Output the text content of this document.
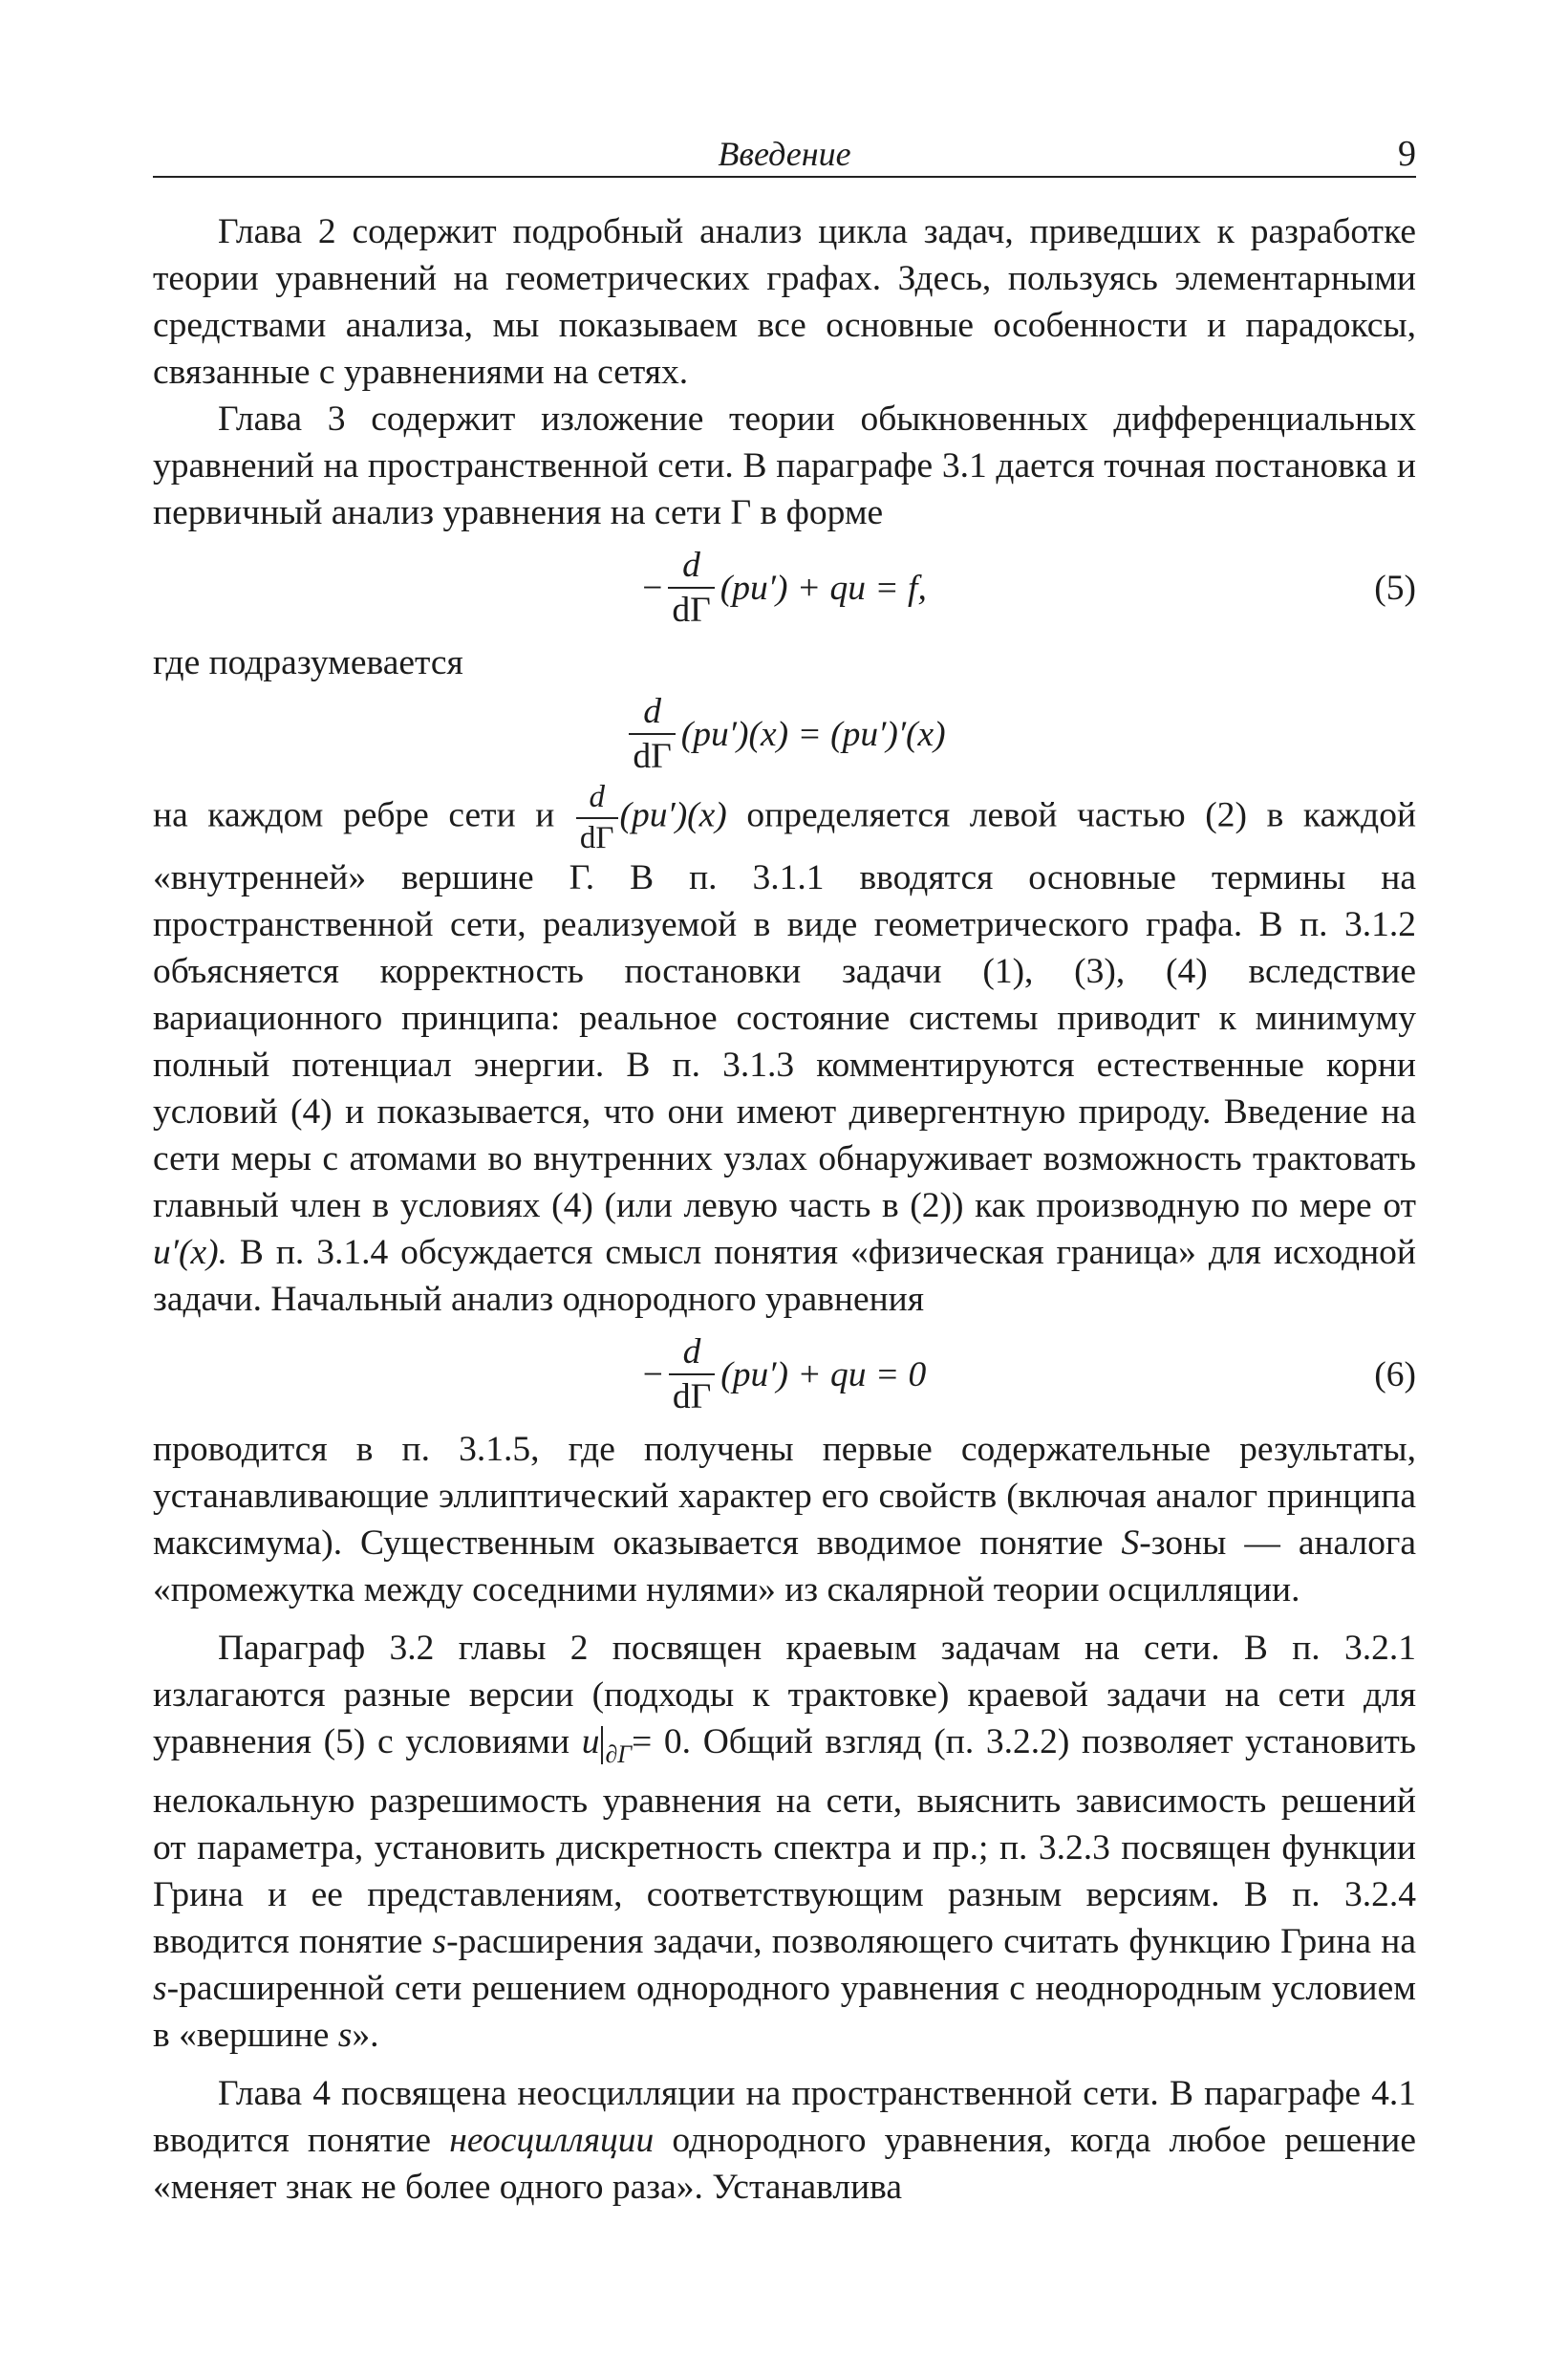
Введение	9

Глава 2 содержит подробный анализ цикла задач, приведших к разработке теории уравнений на геометрических графах. Здесь, пользуясь элементарными средствами анализа, мы показываем все основные особенности и парадоксы, связанные с уравнениями на сетях.

Глава 3 содержит изложение теории обыкновенных дифференциальных уравнений на пространственной сети. В параграфе 3.1 дается точная постановка и первичный анализ уравнения на сети Γ в форме

− $\frac{d}{d\Gamma} (pu')$ + qu = f,	(5)

где подразумевается

$\frac{d}{d\Gamma} (pu')(x) = (pu')'(x)$

на каждом ребре сети и $\frac{d}{d\Gamma} (pu')(x)$ определяется левой частью (2) в каждой «внутренней» вершине Γ. В п. 3.1.1 вводятся основные термины на пространственной сети, реализуемой в виде геометрического графа. В п. 3.1.2 объясняется корректность постановки задачи (1), (3), (4) вследствие вариационного принципа: реальное состояние системы приводит к минимуму полный потенциал энергии. В п. 3.1.3 комментируются естественные корни условий (4) и показывается, что они имеют дивергентную природу. Введение на сети меры с атомами во внутренних узлах обнаруживает возможность трактовать главный член в условиях (4) (или левую часть в (2)) как производную по мере от u′(x). В п. 3.1.4 обсуждается смысл понятия «физическая граница» для исходной задачи. Начальный анализ однородного уравнения

− $\frac{d}{d\Gamma} (pu')$ + qu = 0	(6)

проводится в п. 3.1.5, где получены первые содержательные результаты, устанавливающие эллиптический характер его свойств (включая аналог принципа максимума). Существенным оказывается вводимое понятие S-зоны — аналога «промежутка между соседними нулями» из скалярной теории осцилляции.

Параграф 3.2 главы 2 посвящен краевым задачам на сети. В п. 3.2.1 излагаются разные версии (подходы к трактовке) краевой задачи на сети для уравнения (5) с условиями u $_{\partial\Gamma}$= 0. Общий взгляд (п. 3.2.2) позволяет установить нелокальную разрешимость уравнения на сети, выяснить зависимость решений от параметра, установить дискретность спектра и пр.; п. 3.2.3 посвящен функции Грина и ее представлениям, соответствующим разным версиям. В п. 3.2.4 вводится понятие s-расширения задачи, позволяющего считать функцию Грина на s-расширенной сети решением однородного уравнения с неоднородным условием в «вершине s».

Глава 4 посвящена неосцилляции на пространственной сети. В параграфе 4.1 вводится понятие неосцилляции однородного уравнения, когда любое решение «меняет знак не более одного раза». Устанавлива
